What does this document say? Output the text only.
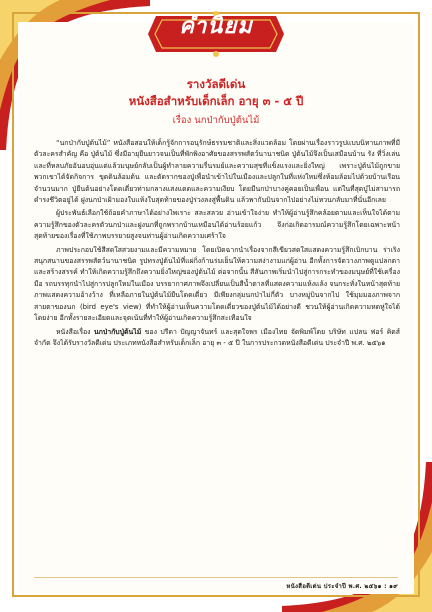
คำนิยม
รางวัลดีเด่น
หนังสือสำหรับเด็กเล็ก อายุ ๓ - ๕ ปี
เรื่อง นกป่ากับปู่ต้นไม้

“นกป่ากับปู่ต้นไม้” หนังสือสอนให้เด็กรู้จักการอนุรักษ์ธรรมชาติและสิ่งแวดล้อม โดยผ่านเรื่องราวรูปแบบนิทานภาพที่มีตัวละครสำคัญ คือ ปู่ต้นไม้ ซึ่งมีอายุยืนยาวจนเป็นที่พักพิงอาศัยของสรรพสัตว์นานาชนิด ปู่ต้นไม้จึงเป็นเสมือนบ้าน รัง ที่วิ่งเล่น และที่หลบภัยอันอบอุ่นแต่แล้วมนุษย์กลับเป็นผู้ทำลายความรื่นรมย์และความสุขที่แข็งแรงและยิ่งใหญ่ เพราะปู่ต้นไม้ถูกขายพวกเขาได้จัดกิจการ ขุดดินล้อมต้น และตัดรากของปู่เพื่อนำเข้าไปในเมืองและปลูกในที่แห่งใหม่ซึ่งห้อมล้อมไปด้วยบ้านเรือนจำนวนมาก ปู่ยืนต้นอย่างโดดเดี่ยวท่ามกลางแสงแดดและความเงียบ โดยมีนกป่าบางคู่คอยเป็นเพื่อน แต่ในที่สุดปู่ไม่สามารถดำรงชีวิตอยู่ได้ ฝูงนกป่าเฝ้ามองใบแห้งใบสุดท้ายของปู่ร่วงลงสู่พื้นดิน แล้วพากันบินจากไปอย่างไม่หวนกลับมาที่นั่นอีกเลย

ผู้ประพันธ์เลือกใช้ถ้อยคำภาษาได้อย่างไพเราะ สละสลวย อ่านเข้าใจง่าย ทำให้ผู้อ่านรู้สึกคล้อยตามและเห็นใจได้ตามความรู้สึกของตัวละครตัวนกป่าและฝูงนกที่ถูกพรากบ้านเหมือนได้อ่านร้อยแก้ว จึงก่อเกิดอารมณ์ความรู้สึกโดยเฉพาะหน้าสุดท้ายของเรื่องที่ใช้ภาพบรรยายสูงจนท่านผู้อ่านเกิดความเศร้าใจ

ภาพประกอบใช้สีสดใสสวยงามและมีความหมาย โดยเปิดฉากนำเรื่องจากสีเขียวสดใสแสดงความรู้สึกเบิกบาน ร่าเริง สนุกสนานของสรรพสัตว์นานาชนิด รูปทรงปู่ต้นไม้ที่แผ่กิ่งก้านร่มเย็นให้ความสง่างามแก่ผู้อ่าน อีกทั้งการจัดวางภาพดูแปลกตาและสร้างสรรค์ ทำให้เกิดความรู้สึกถึงความยิ่งใหญ่ของปู่ต้นไม้ ต่อจากนั้น สีสันภาพเริ่มนำไปสู่การกระทำของมนุษย์ที่ใช้เครื่องมือ รถบรรทุกนำไปสู่การปลูกใหม่ในเมือง บรรยากาศภาพจึงเปลี่ยนเป็นสีน้ำตาลที่แสดงความแห้งแล้ง จนกระทั่งในหน้าสุดท้ายภาพแสดงความอ้างว้าง ที่เหลือภายในปู่ต้นไม้ยืนโดดเดี่ยว มีเพียงกลุ่มนกป่าไม่กี่ตัว บางหมู่บินจากไป ใช้มุมมองภาพจากสายตาของนก (bird eye's view) ที่ทำให้ผู้อ่านเห็นความโดดเดี่ยวของปู่ต้นไม้ได้อย่างดี ชวนให้ผู้อ่านเกิดความหดหู่ใจได้โดยง่าย อีกทั้งรายละเอียดและจุดเน้นที่ทำให้ผู้อ่านเกิดความรู้สึกสะเทือนใจ

หนังสือเรื่อง นกป่ากับปู่ต้นไม้ ของ ปรีดา ปัญญาจันทร์ และสุดใจพร เมืองไทย จัดพิมพ์โดย บริษัท แปลน ฟอร์ คิดส์ จำกัด จึงได้รับรางวัลดีเด่น ประเภทหนังสือสำหรับเด็กเล็ก อายุ ๓ - ๕ ปี ในการประกวดหนังสือดีเด่น ประจำปี พ.ศ. ๒๕๖๑

หนังสือดีเด่น ประจำปี พ.ศ. ๒๕๖๑ : ๑๙
